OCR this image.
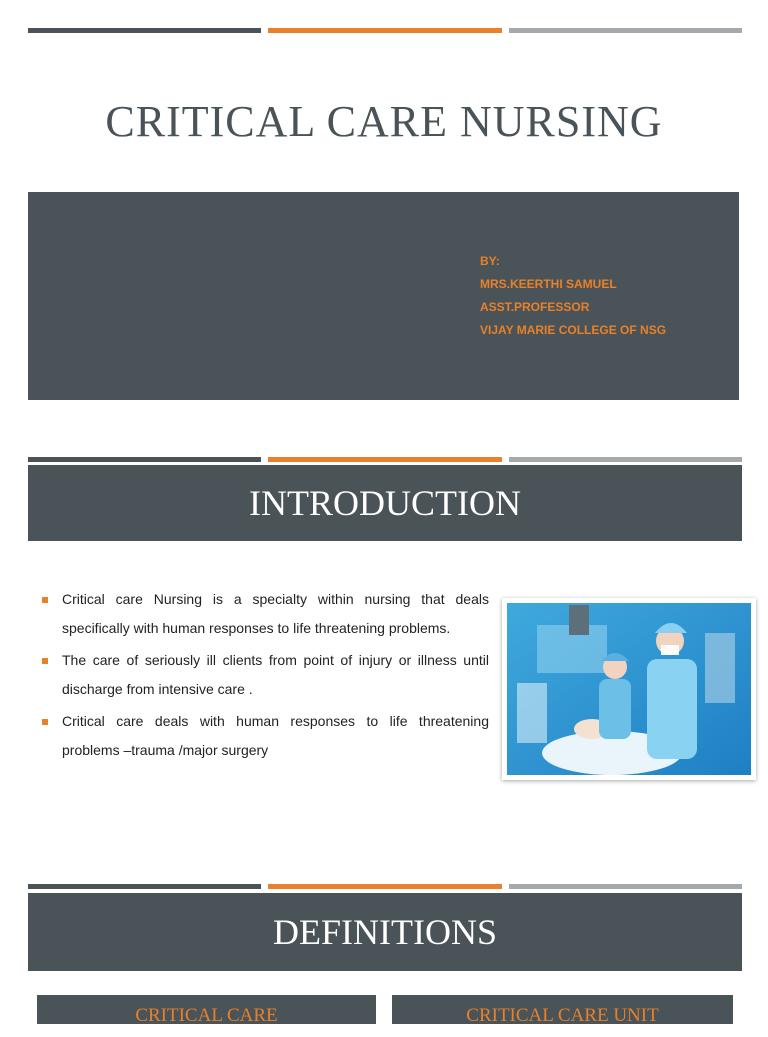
CRITICAL CARE NURSING
BY:
MRS.KEERTHI SAMUEL
ASST.PROFESSOR
VIJAY MARIE COLLEGE OF NSG
INTRODUCTION
Critical care Nursing is a specialty within nursing that deals specifically with human responses to life threatening problems.
The care of seriously ill clients from point of injury or illness until discharge from intensive care .
Critical care deals with human responses to life threatening problems –trauma /major surgery
DEFINITIONS
CRITICAL CARE	CRITICAL CARE UNIT
